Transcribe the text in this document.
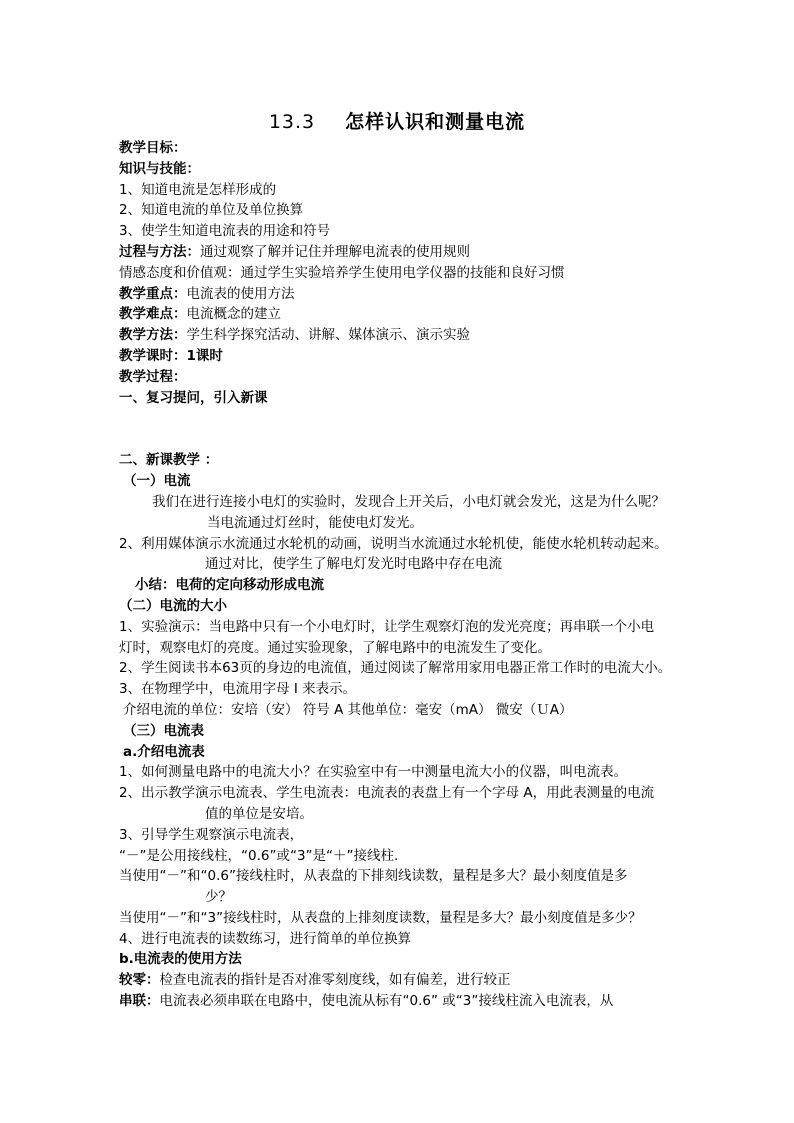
13.3 怎样认识和测量电流
教学目标：
知识与技能：
1、知道电流是怎样形成的
2、知道电流的单位及单位换算
3、使学生知道电流表的用途和符号
过程与方法：通过观察了解并记住并理解电流表的使用规则
情感态度和价值观：通过学生实验培养学生使用电学仪器的技能和良好习惯
教学重点：电流表的使用方法
教学难点：电流概念的建立
教学方法：学生科学探究活动、讲解、媒体演示、演示实验
教学课时：1课时
教学过程：
一、复习提问，引入新课
二、新课教学 ：
（一）电流
我们在进行连接小电灯的实验时，发现合上开关后，小电灯就会发光，这是为什么呢？
当电流通过灯丝时，能使电灯发光。
2、利用媒体演示水流通过水轮机的动画，说明当水流通过水轮机使，能使水轮机转动起来。
通过对比，使学生了解电灯发光时电路中存在电流
小结：电荷的定向移动形成电流
（二）电流的大小
1、实验演示：当电路中只有一个小电灯时，让学生观察灯泡的发光亮度；再串联一个小电
灯时，观察电灯的亮度。通过实验现象，了解电路中的电流发生了变化。
2、学生阅读书本63页的身边的电流值，通过阅读了解常用家用电器正常工作时的电流大小。
3、在物理学中，电流用字母 I 来表示。
介绍电流的单位：安培（安） 符号 A 其他单位：毫安（mA） 微安（ＵA）
（三）电流表
a.介绍电流表
1、如何测量电路中的电流大小？在实验室中有一中测量电流大小的仪器，叫电流表。
2、出示教学演示电流表、学生电流表：电流表的表盘上有一个字母 A，用此表测量的电流
值的单位是安培。
3、引导学生观察演示电流表，
“－”是公用接线柱，“0.6”或“3”是“＋”接线柱.
当使用“－”和“0.6”接线柱时，从表盘的下排刻线读数，量程是多大？最小刻度值是多
少？
当使用“－”和“3”接线柱时，从表盘的上排刻度读数，量程是多大？最小刻度值是多少？
4、进行电流表的读数练习，进行简单的单位换算
b.电流表的使用方法
较零：检查电流表的指针是否对准零刻度线，如有偏差，进行较正
串联：电流表必须串联在电路中，使电流从标有“0.6” 或“3”接线柱流入电流表，从
